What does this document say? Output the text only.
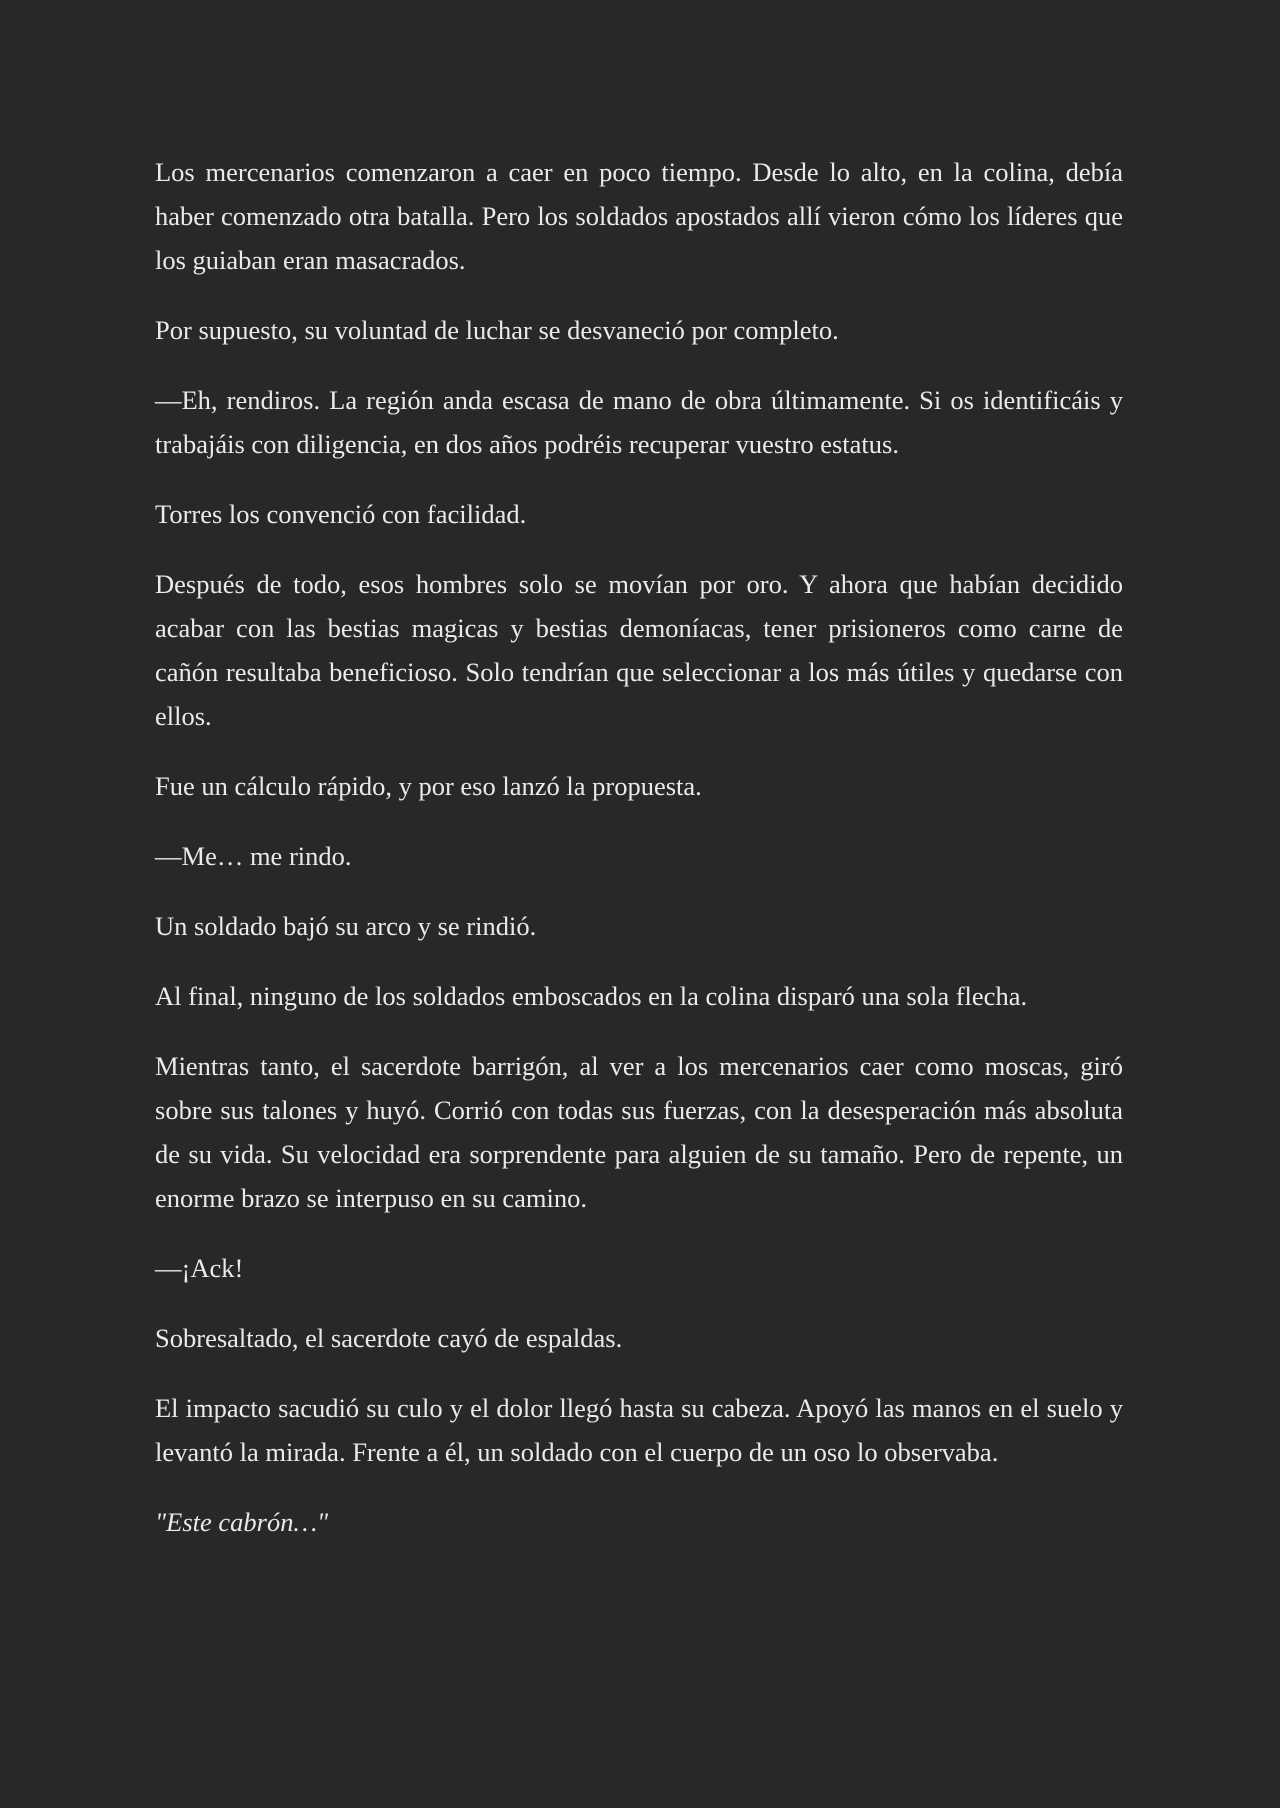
Los mercenarios comenzaron a caer en poco tiempo. Desde lo alto, en la colina, debía haber comenzado otra batalla. Pero los soldados apostados allí vieron cómo los líderes que los guiaban eran masacrados.

Por supuesto, su voluntad de luchar se desvaneció por completo.

—Eh, rendiros. La región anda escasa de mano de obra últimamente. Si os identificáis y trabajáis con diligencia, en dos años podréis recuperar vuestro estatus.

Torres los convenció con facilidad.

Después de todo, esos hombres solo se movían por oro. Y ahora que habían decidido acabar con las bestias magicas y bestias demoníacas, tener prisioneros como carne de cañón resultaba beneficioso. Solo tendrían que seleccionar a los más útiles y quedarse con ellos.

Fue un cálculo rápido, y por eso lanzó la propuesta.

—Me… me rindo.

Un soldado bajó su arco y se rindió.

Al final, ninguno de los soldados emboscados en la colina disparó una sola flecha.

Mientras tanto, el sacerdote barrigón, al ver a los mercenarios caer como moscas, giró sobre sus talones y huyó. Corrió con todas sus fuerzas, con la desesperación más absoluta de su vida. Su velocidad era sorprendente para alguien de su tamaño. Pero de repente, un enorme brazo se interpuso en su camino.

—¡Ack!

Sobresaltado, el sacerdote cayó de espaldas.

El impacto sacudió su culo y el dolor llegó hasta su cabeza. Apoyó las manos en el suelo y levantó la mirada. Frente a él, un soldado con el cuerpo de un oso lo observaba.

"Este cabrón…"
